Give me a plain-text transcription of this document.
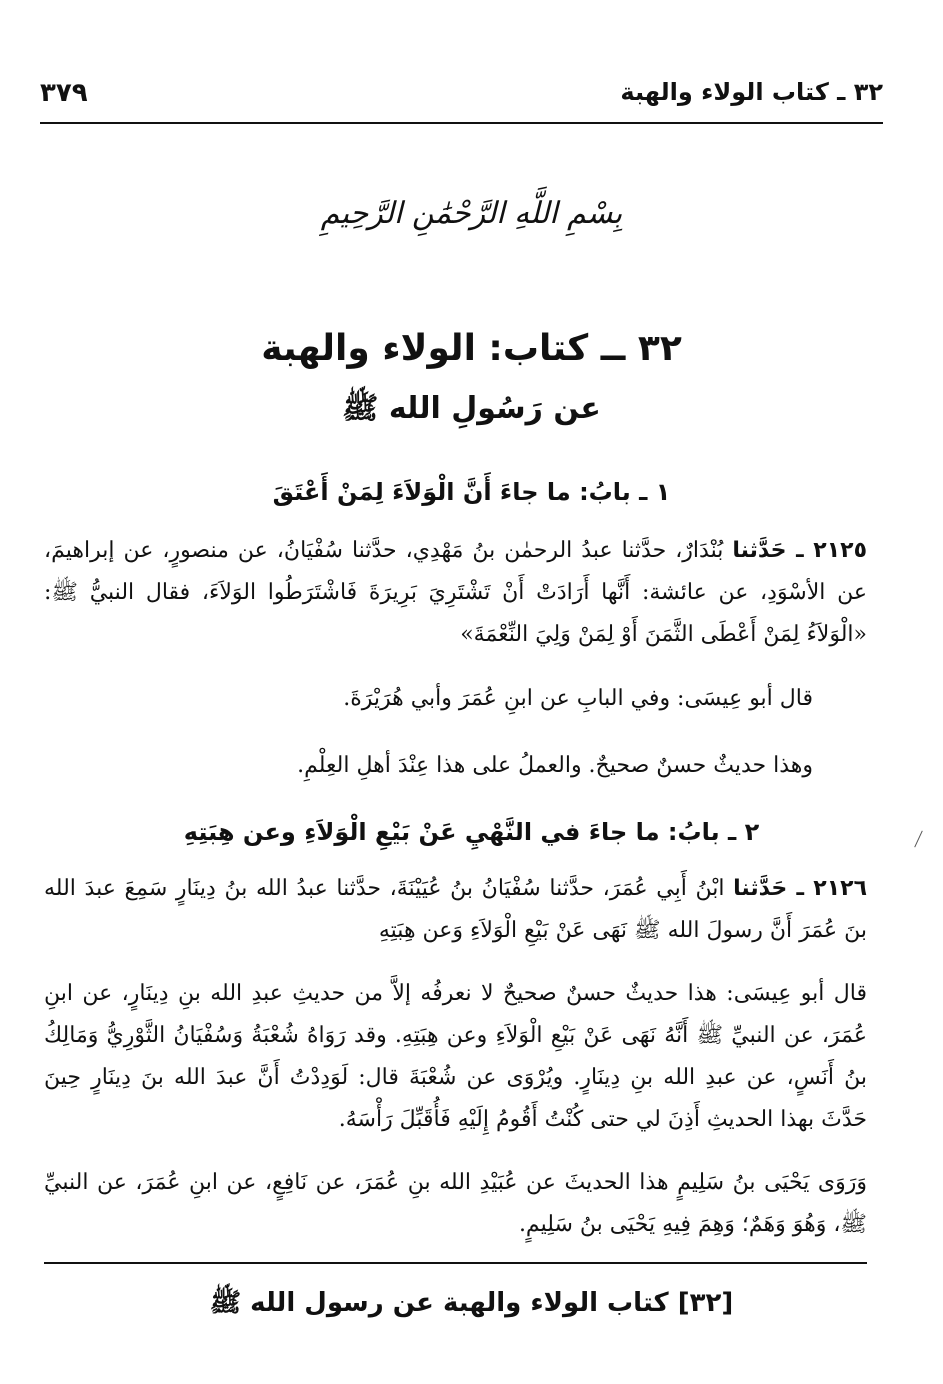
٣٢ ـ كتاب الولاء والهبة
٣٧٩
بِسْمِ اللَّهِ الرَّحْمَٰنِ الرَّحِيمِ
٣٢ ــ كتاب: الولاء والهبة
عن رَسُولِ الله ﷺ
١ ـ بابُ: ما جاءَ أَنَّ الْوَلاَءَ لِمَنْ أَعْتَقَ
٢١٢٥ ـ حَدَّثنا بُنْدَارٌ، حدَّثنا عبدُ الرحمٰن بنُ مَهْدِي، حدَّثنا سُفْيَانُ، عن منصورٍ، عن إبراهيمَ، عن الأسْوَدِ، عن عائشة: أَنَّها أَرَادَتْ أَنْ تَشْتَرِيَ بَرِيرَةَ فَاشْتَرَطُوا الوَلاَءَ، فقال النبيُّ ﷺ: «الْوَلاَءُ لِمَنْ أَعْطَى الثَّمَنَ أَوْ لِمَنْ وَلِيَ النِّعْمَةَ»
قال أبو عِيسَى: وفي البابِ عن ابنِ عُمَرَ وأبي هُرَيْرَةَ.
وهذا حديثٌ حسنٌ صحيحٌ. والعملُ على هذا عِنْدَ أهلِ العِلْمِ.
٢ ـ بابُ: ما جاءَ في النَّهْيِ عَنْ بَيْعِ الْوَلاَءِ وعن هِبَتِهِ
٢١٢٦ ـ حَدَّثنا ابْنُ أَبِي عُمَرَ، حدَّثنا سُفْيَانُ بنُ عُيَيْنَةَ، حدَّثنا عبدُ الله بنُ دِينَارٍ سَمِعَ عبدَ الله بنَ عُمَرَ أَنَّ رسولَ الله ﷺ نَهَى عَنْ بَيْعِ الْوَلاَءِ وَعن هِبَتِهِ
قال أبو عِيسَى: هذا حديثٌ حسنٌ صحيحٌ لا نعرفُه إلاَّ من حديثِ عبدِ الله بنِ دِينَارٍ، عن ابنِ عُمَرَ، عن النبيِّ ﷺ أَنَّهُ نَهَى عَنْ بَيْعِ الْوَلاَءِ وعن هِبَتِهِ. وقد رَوَاهُ شُعْبَةُ وَسُفْيَانُ الثَّوْرِيُّ وَمَالِكُ بنُ أَنَسٍ، عن عبدِ الله بنِ دِينَارٍ. ويُرْوَى عن شُعْبَةَ قال: لَوَدِدْتُ أَنَّ عبدَ الله بنَ دِينَارٍ حِينَ حَدَّثَ بهذا الحديثِ أَذِنَ لي حتى كُنْتُ أَقُومُ إِلَيْهِ فَأُقَبِّلَ رَأْسَهُ.
وَرَوَى يَحْيَى بنُ سَلِيمٍ هذا الحديثَ عن عُبَيْدِ الله بنِ عُمَرَ، عن نَافِعٍ، عن ابنِ عُمَرَ، عن النبيِّ ﷺ، وَهُوَ وَهَمٌ؛ وَهِمَ فِيهِ يَحْيَى بنُ سَلِيمٍ.
[٣٢] كتاب الولاء والهبة عن رسول الله ﷺ
